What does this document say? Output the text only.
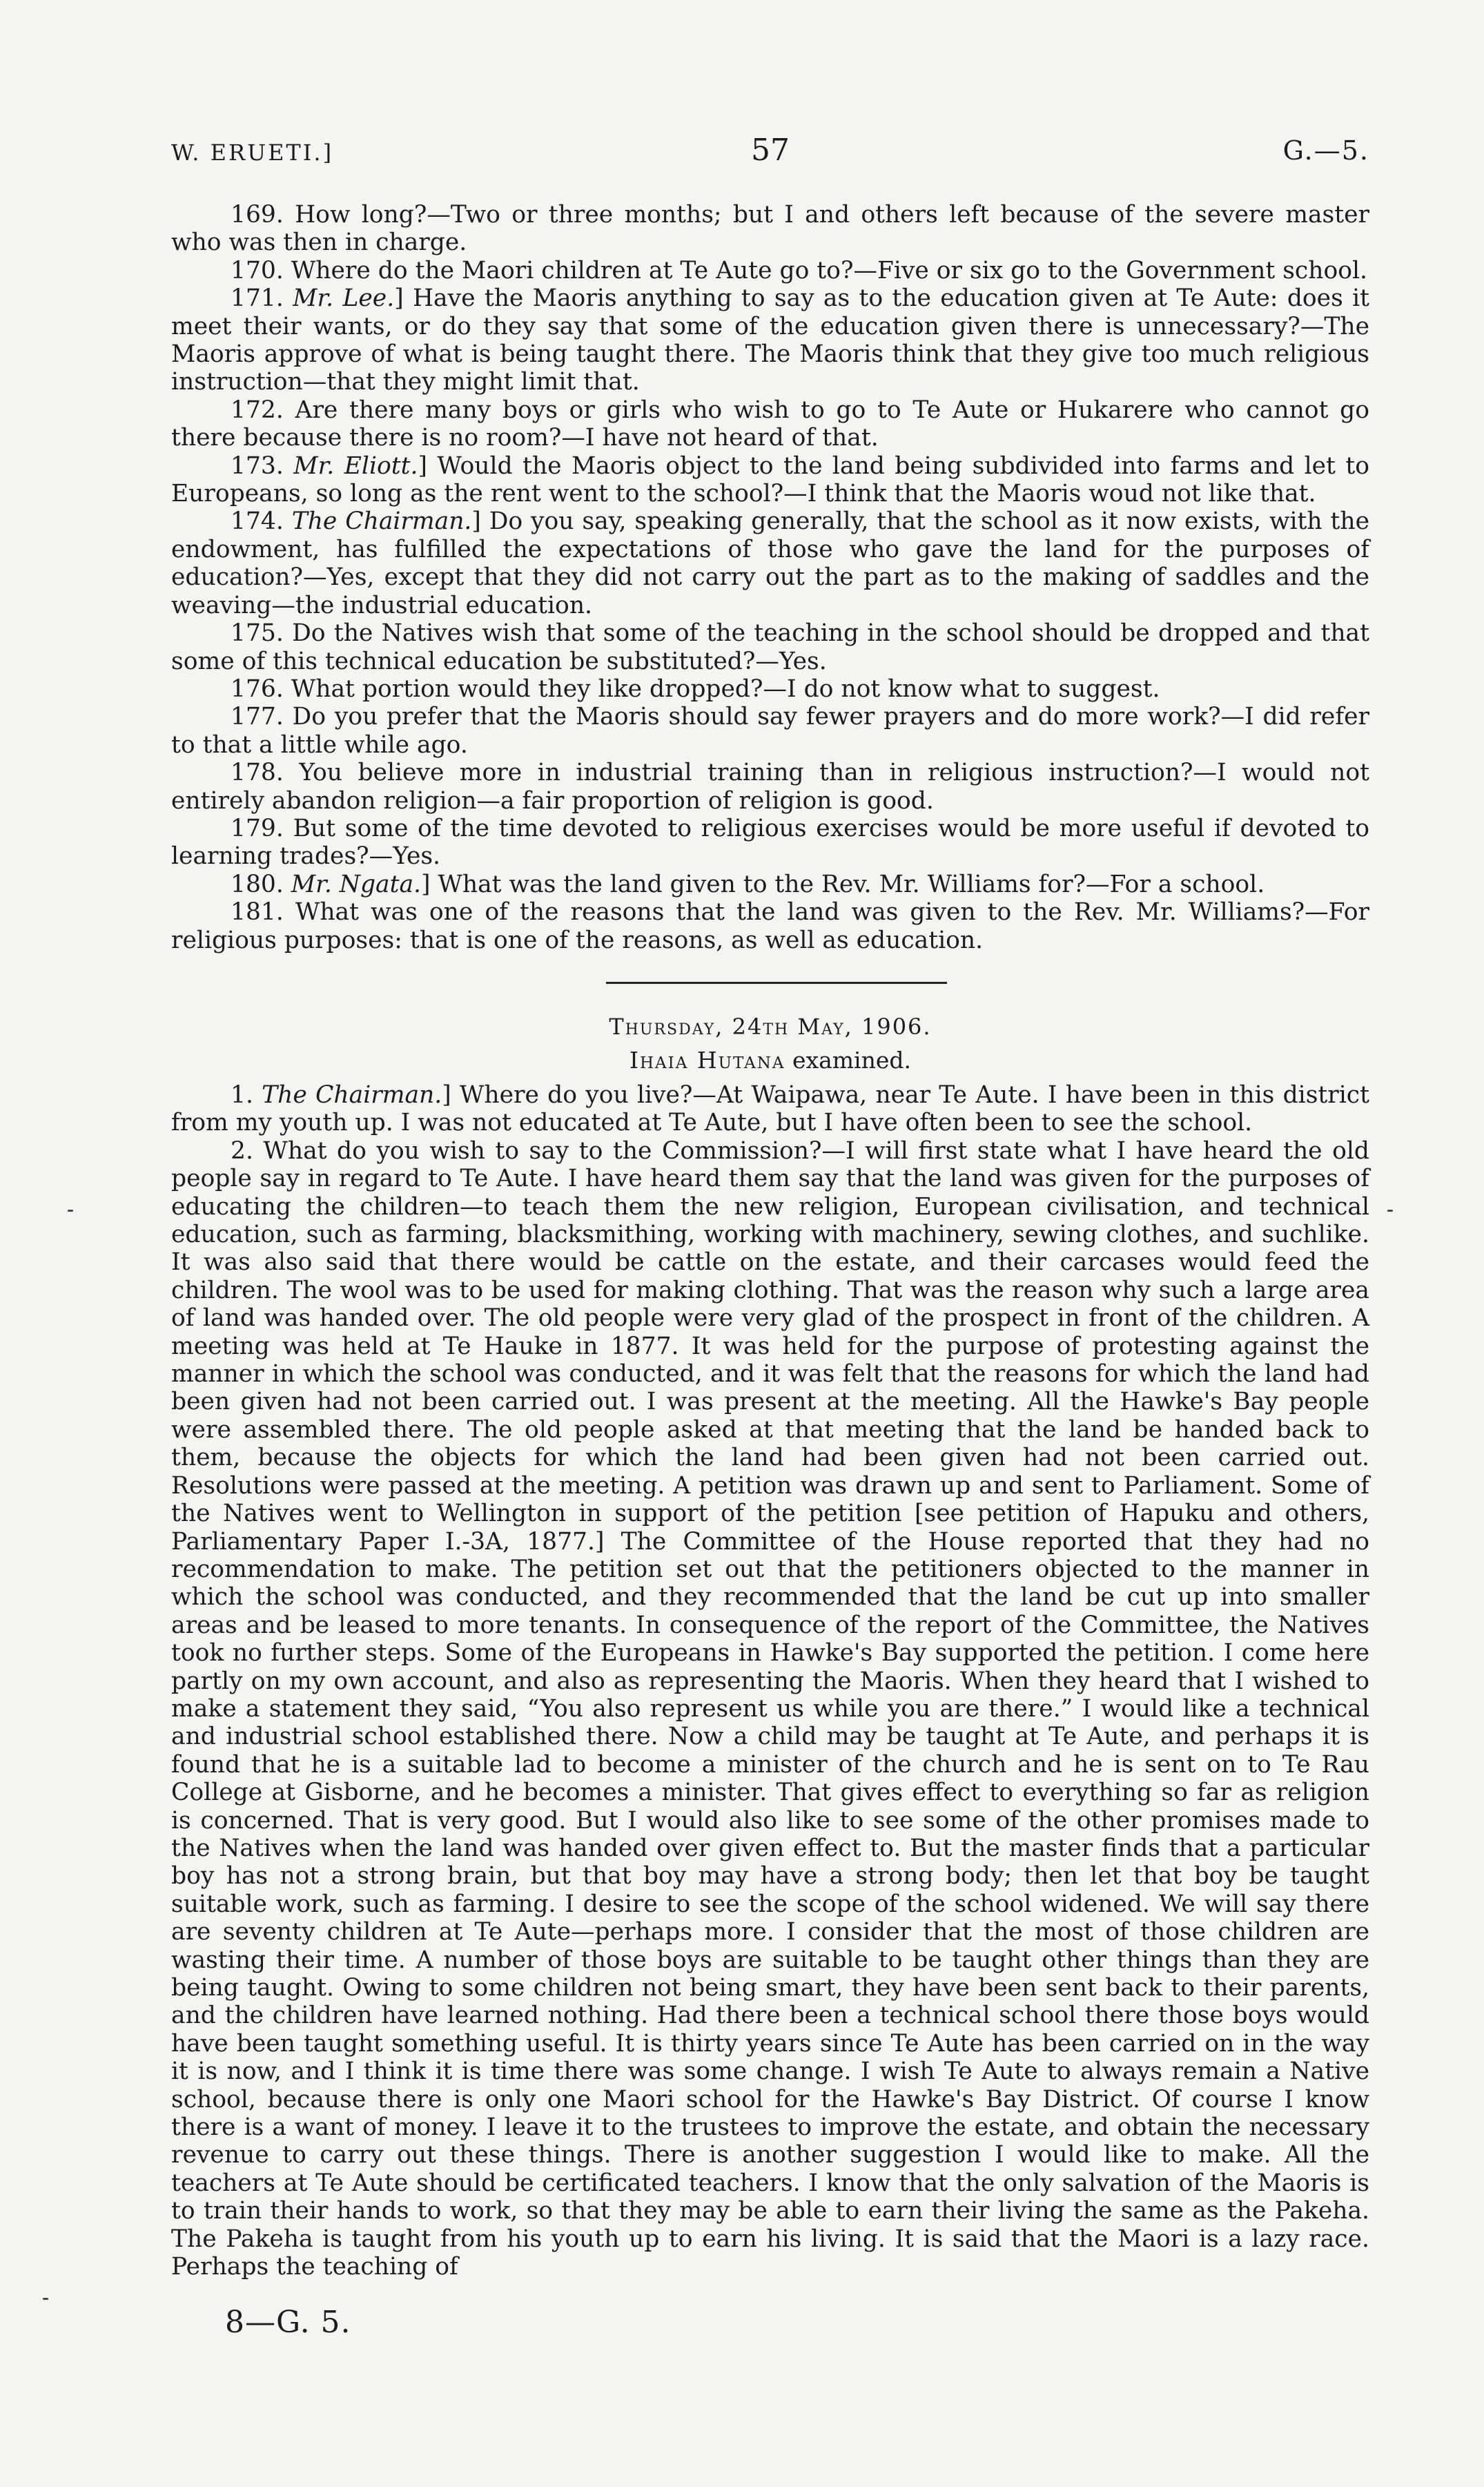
W. ERUETI.]	57	G.—5.

169. How long?—Two or three months; but I and others left because of the severe master who was then in charge.

170. Where do the Maori children at Te Aute go to?—Five or six go to the Government school.

171. Mr. Lee.] Have the Maoris anything to say as to the education given at Te Aute: does it meet their wants, or do they say that some of the education given there is unnecessary?—The Maoris approve of what is being taught there. The Maoris think that they give too much religious instruction—that they might limit that.

172. Are there many boys or girls who wish to go to Te Aute or Hukarere who cannot go there because there is no room?—I have not heard of that.

173. Mr. Eliott.] Would the Maoris object to the land being subdivided into farms and let to Europeans, so long as the rent went to the school?—I think that the Maoris woud not like that.

174. The Chairman.] Do you say, speaking generally, that the school as it now exists, with the endowment, has fulfilled the expectations of those who gave the land for the purposes of education?—Yes, except that they did not carry out the part as to the making of saddles and the weaving—the industrial education.

175. Do the Natives wish that some of the teaching in the school should be dropped and that some of this technical education be substituted?—Yes.

176. What portion would they like dropped?—I do not know what to suggest.

177. Do you prefer that the Maoris should say fewer prayers and do more work?—I did refer to that a little while ago.

178. You believe more in industrial training than in religious instruction?—I would not entirely abandon religion—a fair proportion of religion is good.

179. But some of the time devoted to religious exercises would be more useful if devoted to learning trades?—Yes.

180. Mr. Ngata.] What was the land given to the Rev. Mr. Williams for?—For a school.

181. What was one of the reasons that the land was given to the Rev. Mr. Williams?—For religious purposes: that is one of the reasons, as well as education.

Thursday, 24th May, 1906.
Ihaia Hutana examined.

1. The Chairman.] Where do you live?—At Waipawa, near Te Aute. I have been in this district from my youth up. I was not educated at Te Aute, but I have often been to see the school.

2. What do you wish to say to the Commission?—I will first state what I have heard the old people say in regard to Te Aute. I have heard them say that the land was given for the purposes of educating the children—to teach them the new religion, European civilisation, and technical education, such as farming, blacksmithing, working with machinery, sewing clothes, and suchlike. It was also said that there would be cattle on the estate, and their carcases would feed the children. The wool was to be used for making clothing. That was the reason why such a large area of land was handed over. The old people were very glad of the prospect in front of the children. A meeting was held at Te Hauke in 1877. It was held for the purpose of protesting against the manner in which the school was conducted, and it was felt that the reasons for which the land had been given had not been carried out. I was present at the meeting. All the Hawke's Bay people were assembled there. The old people asked at that meeting that the land be handed back to them, because the objects for which the land had been given had not been carried out. Resolutions were passed at the meeting. A petition was drawn up and sent to Parliament. Some of the Natives went to Wellington in support of the petition [see petition of Hapuku and others, Parliamentary Paper I.-3A, 1877.] The Committee of the House reported that they had no recommendation to make. The petition set out that the petitioners objected to the manner in which the school was conducted, and they recommended that the land be cut up into smaller areas and be leased to more tenants. In consequence of the report of the Committee, the Natives took no further steps. Some of the Europeans in Hawke's Bay supported the petition. I come here partly on my own account, and also as representing the Maoris. When they heard that I wished to make a statement they said, “You also represent us while you are there.” I would like a technical and industrial school established there. Now a child may be taught at Te Aute, and perhaps it is found that he is a suitable lad to become a minister of the church and he is sent on to Te Rau College at Gisborne, and he becomes a minister. That gives effect to everything so far as religion is concerned. That is very good. But I would also like to see some of the other promises made to the Natives when the land was handed over given effect to. But the master finds that a particular boy has not a strong brain, but that boy may have a strong body; then let that boy be taught suitable work, such as farming. I desire to see the scope of the school widened. We will say there are seventy children at Te Aute—perhaps more. I consider that the most of those children are wasting their time. A number of those boys are suitable to be taught other things than they are being taught. Owing to some children not being smart, they have been sent back to their parents, and the children have learned nothing. Had there been a technical school there those boys would have been taught something useful. It is thirty years since Te Aute has been carried on in the way it is now, and I think it is time there was some change. I wish Te Aute to always remain a Native school, because there is only one Maori school for the Hawke's Bay District. Of course I know there is a want of money. I leave it to the trustees to improve the estate, and obtain the necessary revenue to carry out these things. There is another suggestion I would like to make. All the teachers at Te Aute should be certificated teachers. I know that the only salvation of the Maoris is to train their hands to work, so that they may be able to earn their living the same as the Pakeha. The Pakeha is taught from his youth up to earn his living. It is said that the Maori is a lazy race. Perhaps the teaching of

8—G. 5.
